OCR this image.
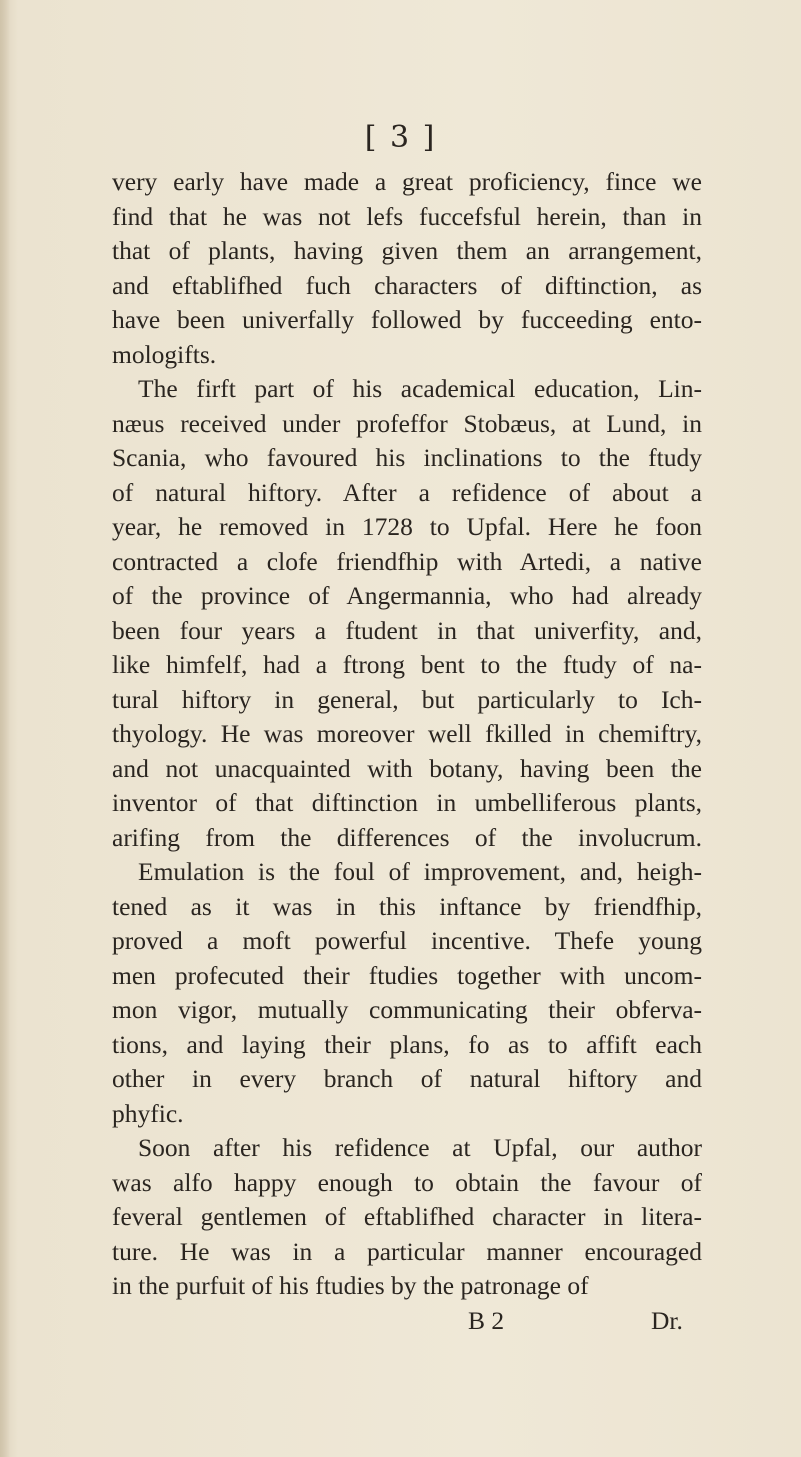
[ 3 ]
very early have made a great proficiency, fince we
find that he was not lefs fuccefsful herein, than in
that of plants, having given them an arrangement,
and eftablifhed fuch characters of diftinction, as
have been univerfally followed by fucceeding ento-
mologifts.
The firft part of his academical education, Lin-
næus received under profeffor Stobæus, at Lund, in
Scania, who favoured his inclinations to the ftudy
of natural hiftory. After a refidence of about a
year, he removed in 1728 to Upfal. Here he foon
contracted a clofe friendfhip with Artedi, a native
of the province of Angermannia, who had already
been four years a ftudent in that univerfity, and,
like himfelf, had a ftrong bent to the ftudy of na-
tural hiftory in general, but particularly to Ich-
thyology. He was moreover well fkilled in chemiftry,
and not unacquainted with botany, having been the
inventor of that diftinction in umbelliferous plants,
arifing from the differences of the involucrum.
Emulation is the foul of improvement, and, heigh-
tened as it was in this inftance by friendfhip,
proved a moft powerful incentive. Thefe young
men profecuted their ftudies together with uncom-
mon vigor, mutually communicating their obferva-
tions, and laying their plans, fo as to affift each
other in every branch of natural hiftory and
phyfic.
Soon after his refidence at Upfal, our author
was alfo happy enough to obtain the favour of
feveral gentlemen of eftablifhed character in litera-
ture. He was in a particular manner encouraged
in the purfuit of his ftudies by the patronage of
B 2	Dr.
